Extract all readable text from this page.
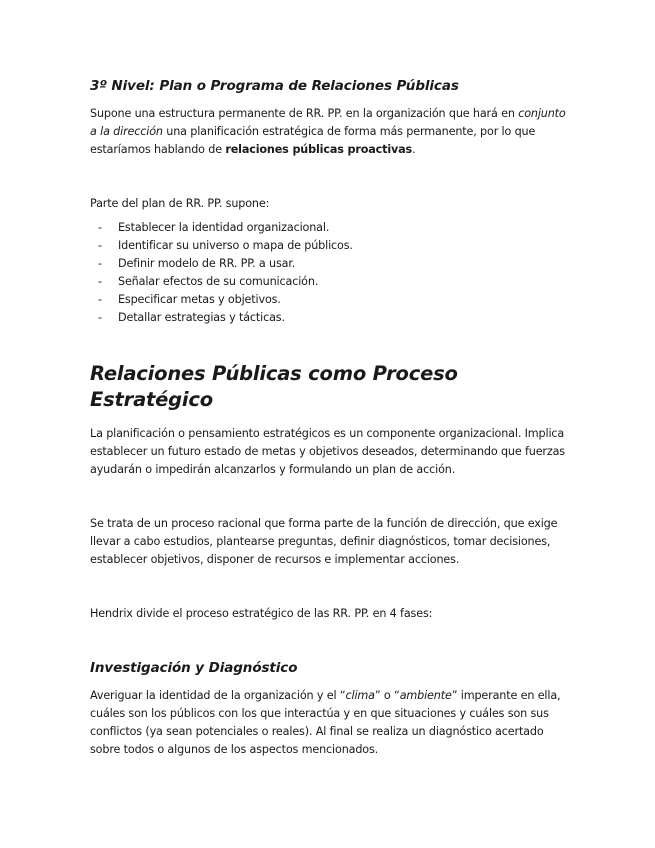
3º Nivel: Plan o Programa de Relaciones Públicas

Supone una estructura permanente de RR. PP. en la organización que hará en conjunto a la dirección una planificación estratégica de forma más permanente, por lo que estaríamos hablando de relaciones públicas proactivas.

Parte del plan de RR. PP. supone:

- Establecer la identidad organizacional.
- Identificar su universo o mapa de públicos.
- Definir modelo de RR. PP. a usar.
- Señalar efectos de su comunicación.
- Especificar metas y objetivos.
- Detallar estrategias y tácticas.
Relaciones Públicas como Proceso Estratégico

La planificación o pensamiento estratégicos es un componente organizacional. Implica establecer un futuro estado de metas y objetivos deseados, determinando que fuerzas ayudarán o impedirán alcanzarlos y formulando un plan de acción.

Se trata de un proceso racional que forma parte de la función de dirección, que exige llevar a cabo estudios, plantearse preguntas, definir diagnósticos, tomar decisiones, establecer objetivos, disponer de recursos e implementar acciones.

Hendrix divide el proceso estratégico de las RR. PP. en 4 fases:

Investigación y Diagnóstico

Averiguar la identidad de la organización y el “clima” o “ambiente” imperante en ella, cuáles son los públicos con los que interactúa y en que situaciones y cuáles son sus conflictos (ya sean potenciales o reales). Al final se realiza un diagnóstico acertado sobre todos o algunos de los aspectos mencionados.
